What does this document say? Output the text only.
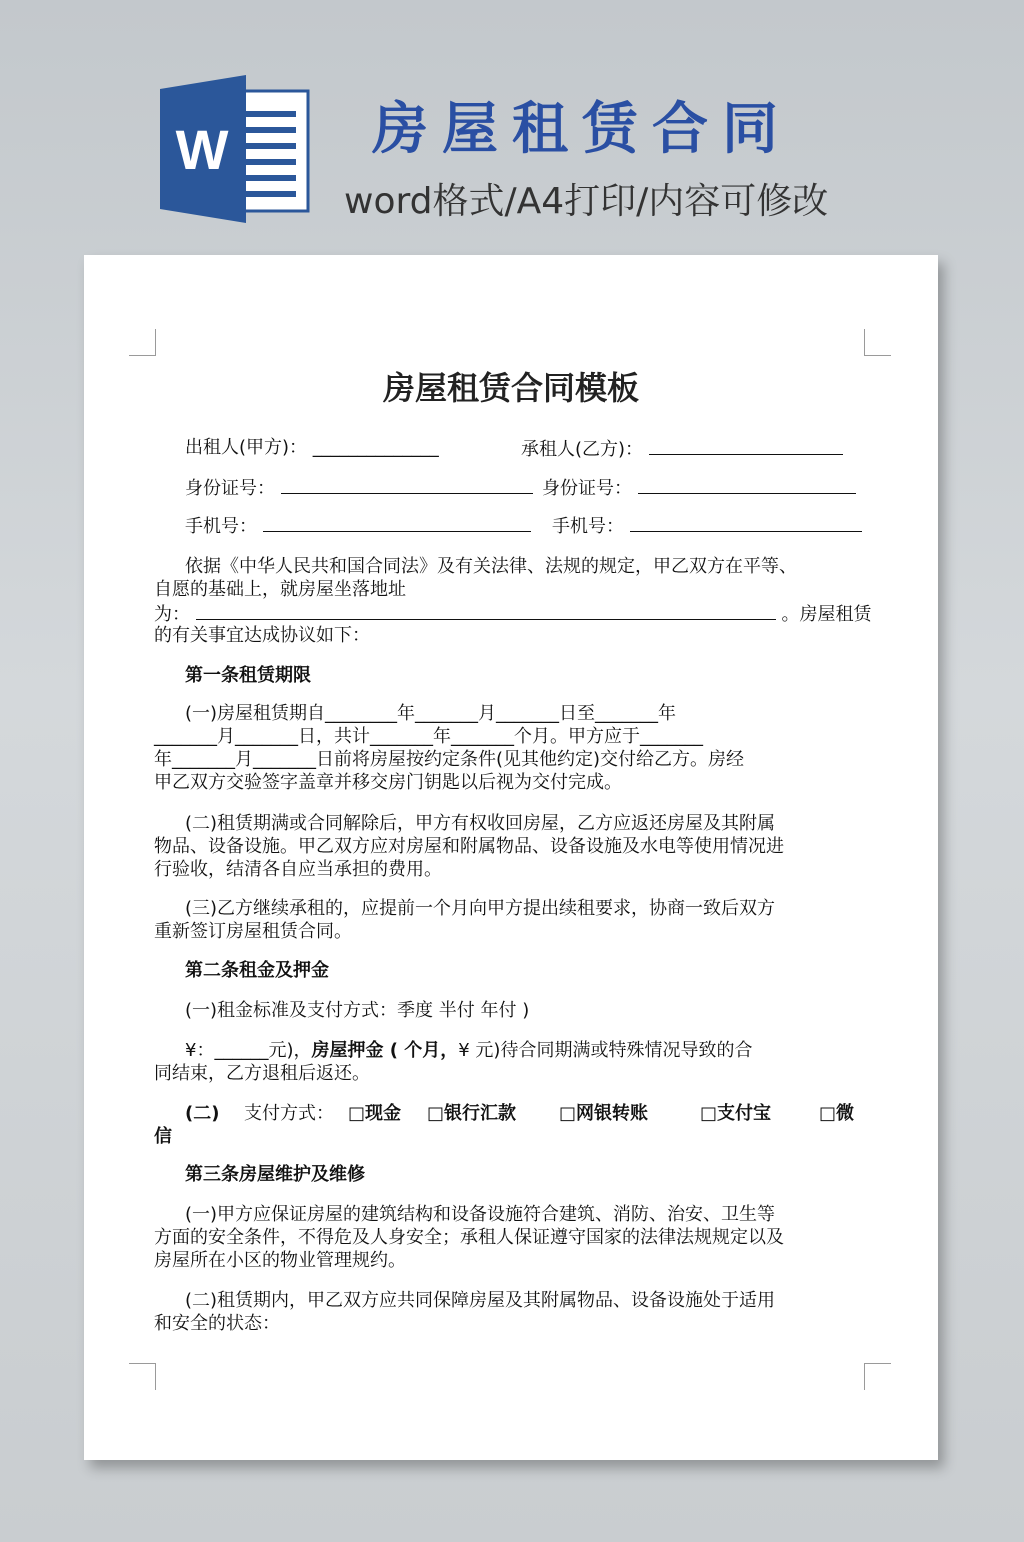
W	房屋租赁合同
word格式/A4打印/内容可修改
房屋租赁合同模板
出租人(甲方)： ______________	承租人(乙方)：
身份证号：	身份证号：
手机号：	手机号：
依据《中华人民共和国合同法》及有关法律、法规的规定，甲乙双方在平等、
自愿的基础上，就房屋坐落地址
为：	。房屋租赁
的有关事宜达成协议如下：
第一条租赁期限
(一)房屋租赁期自________年_______月_______日至_______年
_______月_______日，共计_______年_______个月。甲方应于_______
年_______月_______日前将房屋按约定条件(见其他约定)交付给乙方。房经
甲乙双方交验签字盖章并移交房门钥匙以后视为交付完成。
(二)租赁期满或合同解除后，甲方有权收回房屋，乙方应返还房屋及其附属
物品、设备设施。甲乙双方应对房屋和附属物品、设备设施及水电等使用情况进
行验收，结清各自应当承担的费用。
(三)乙方继续承租的，应提前一个月向甲方提出续租要求，协商一致后双方
重新签订房屋租赁合同。
第二条租金及押金
(一)租金标准及支付方式：季度 半付 年付 )
¥：______元)，房屋押金 ( 个月，¥ 元)待合同期满或特殊情况导致的合
同结束，乙方退租后返还。
(二) 支付方式： □现金 □银行汇款 □网银转账	□支付宝	□微
信
第三条房屋维护及维修
(一)甲方应保证房屋的建筑结构和设备设施符合建筑、消防、治安、卫生等
方面的安全条件，不得危及人身安全；承租人保证遵守国家的法律法规规定以及
房屋所在小区的物业管理规约。
(二)租赁期内，甲乙双方应共同保障房屋及其附属物品、设备设施处于适用
和安全的状态：
